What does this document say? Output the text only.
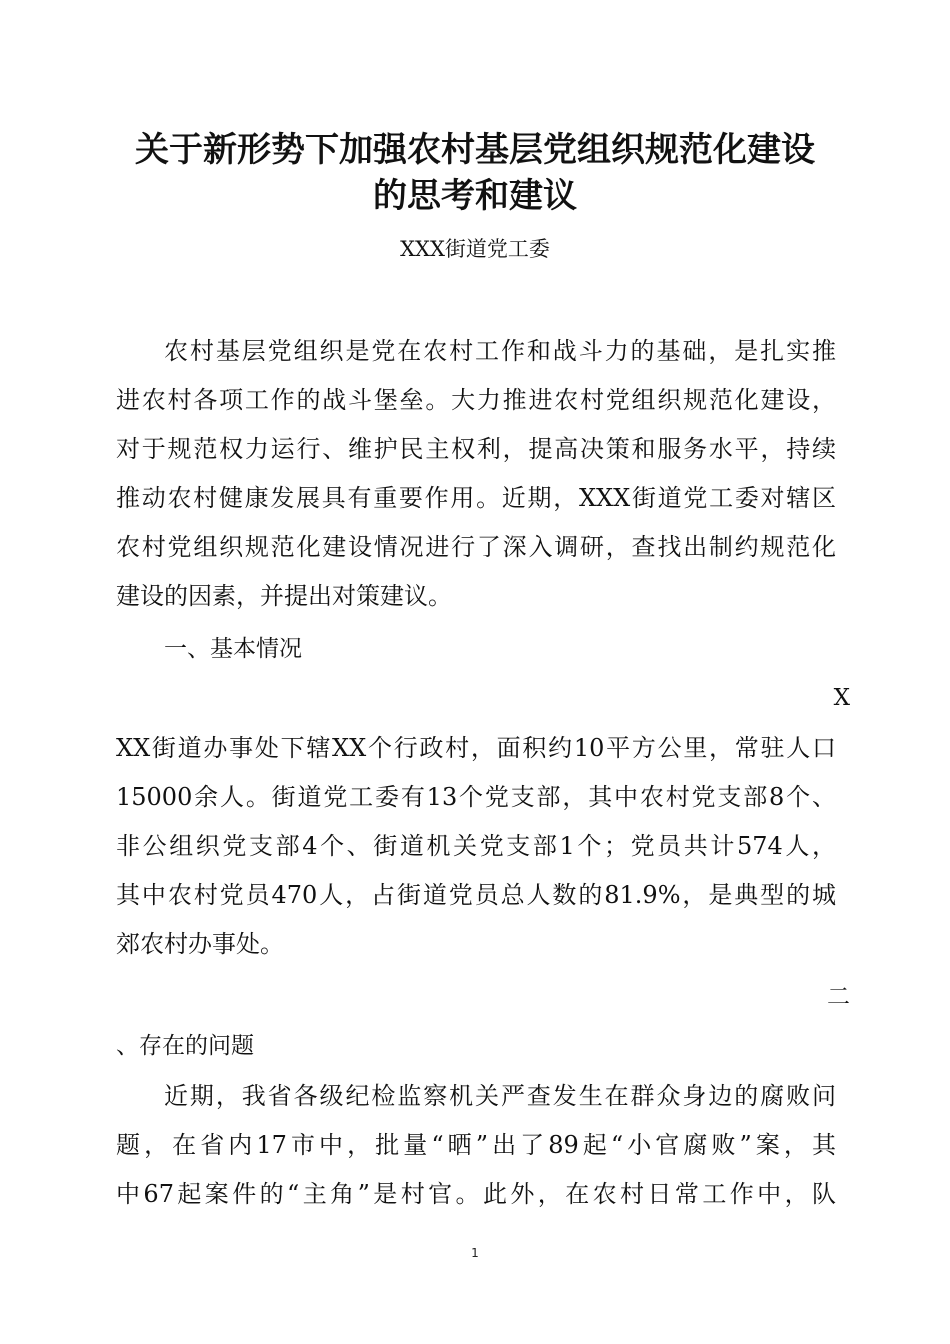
关于新形势下加强农村基层党组织规范化建设
的思考和建议
XXX街道党工委
农村基层党组织是党在农村工作和战斗力的基础，是扎实推
进农村各项工作的战斗堡垒。大力推进农村党组织规范化建设，
对于规范权力运行、维护民主权利，提高决策和服务水平，持续
推动农村健康发展具有重要作用。近期，XXX街道党工委对辖区
农村党组织规范化建设情况进行了深入调研，查找出制约规范化
建设的因素，并提出对策建议。
一、基本情况
X
XX街道办事处下辖XX个行政村，面积约10平方公里，常驻人口
15000余人。街道党工委有13个党支部，其中农村党支部8个、
非公组织党支部4个、街道机关党支部1个；党员共计574人，
其中农村党员470人，占街道党员总人数的81.9%，是典型的城
郊农村办事处。
二
、存在的问题
近期，我省各级纪检监察机关严查发生在群众身边的腐败问
题，在省内17市中，批量“晒”出了89起“小官腐败”案，其
中67起案件的“主角”是村官。此外，在农村日常工作中，队
1
